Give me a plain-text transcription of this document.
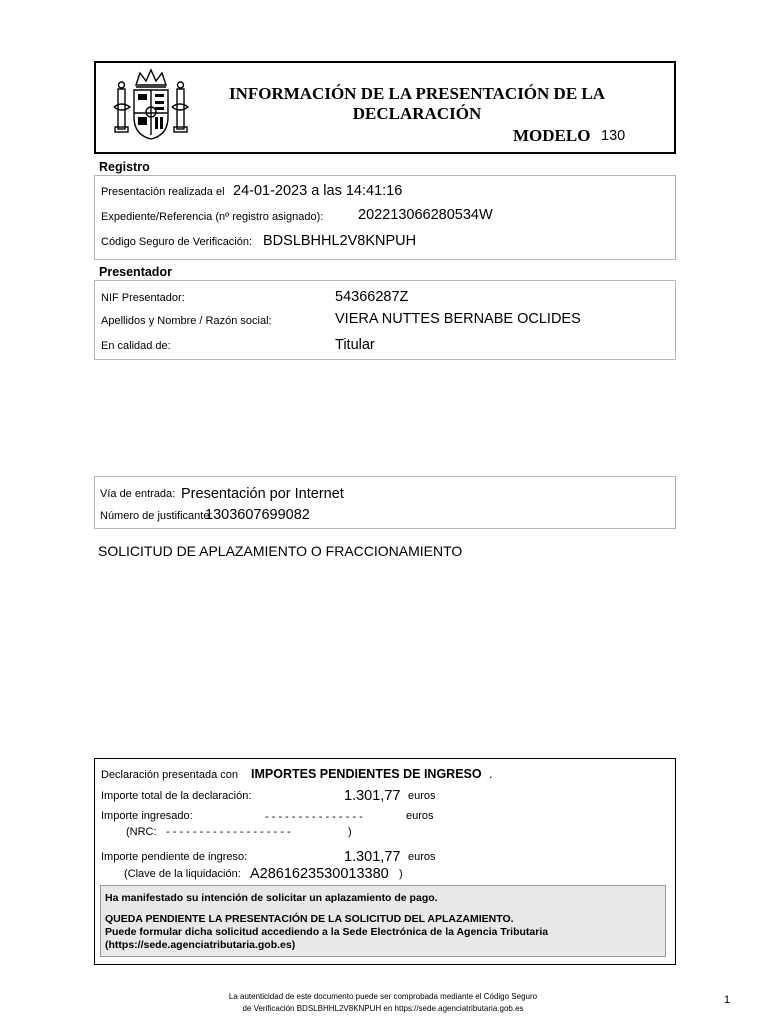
INFORMACIÓN DE LA PRESENTACIÓN DE LA
DECLARACIÓN
MODELO 130
Registro
Presentación realizada el 24-01-2023 a las 14:41:16
Expediente/Referencia (nº registro asignado): 202213066280534W
Código Seguro de Verificación: BDSLBHHL2V8KNPUH
Presentador
NIF Presentador:	54366287Z
Apellidos y Nombre / Razón social:	VIERA NUTTES BERNABE OCLIDES
En calidad de:	Titular
Vía de entrada: Presentación por Internet
Número de justificante:
1303607699082
SOLICITUD DE APLAZAMIENTO O FRACCIONAMIENTO
Declaración presentada con IMPORTES PENDIENTES DE INGRESO .
Importe total de la declaración:	1.301,77 euros
Importe ingresado:	- - - - - - - - - - - - - - -	euros
(NRC: - - - - - - - - - - - - - - - - - - -	)
Importe pendiente de ingreso:	1.301,77 euros
(Clave de la liquidación: A2861623530013380 )
Ha manifestado su intención de solicitar un aplazamiento de pago.
QUEDA PENDIENTE LA PRESENTACIÓN DE LA SOLICITUD DEL APLAZAMIENTO.
Puede formular dicha solicitud accediendo a la Sede Electrónica de la Agencia Tributaria
(https://sede.agenciatributaria.gob.es)
La autenticidad de este documento puede ser comprobada mediante el Código Seguro
de Verificación BDSLBHHL2V8KNPUH en https://sede.agenciatributaria.gob.es
1
